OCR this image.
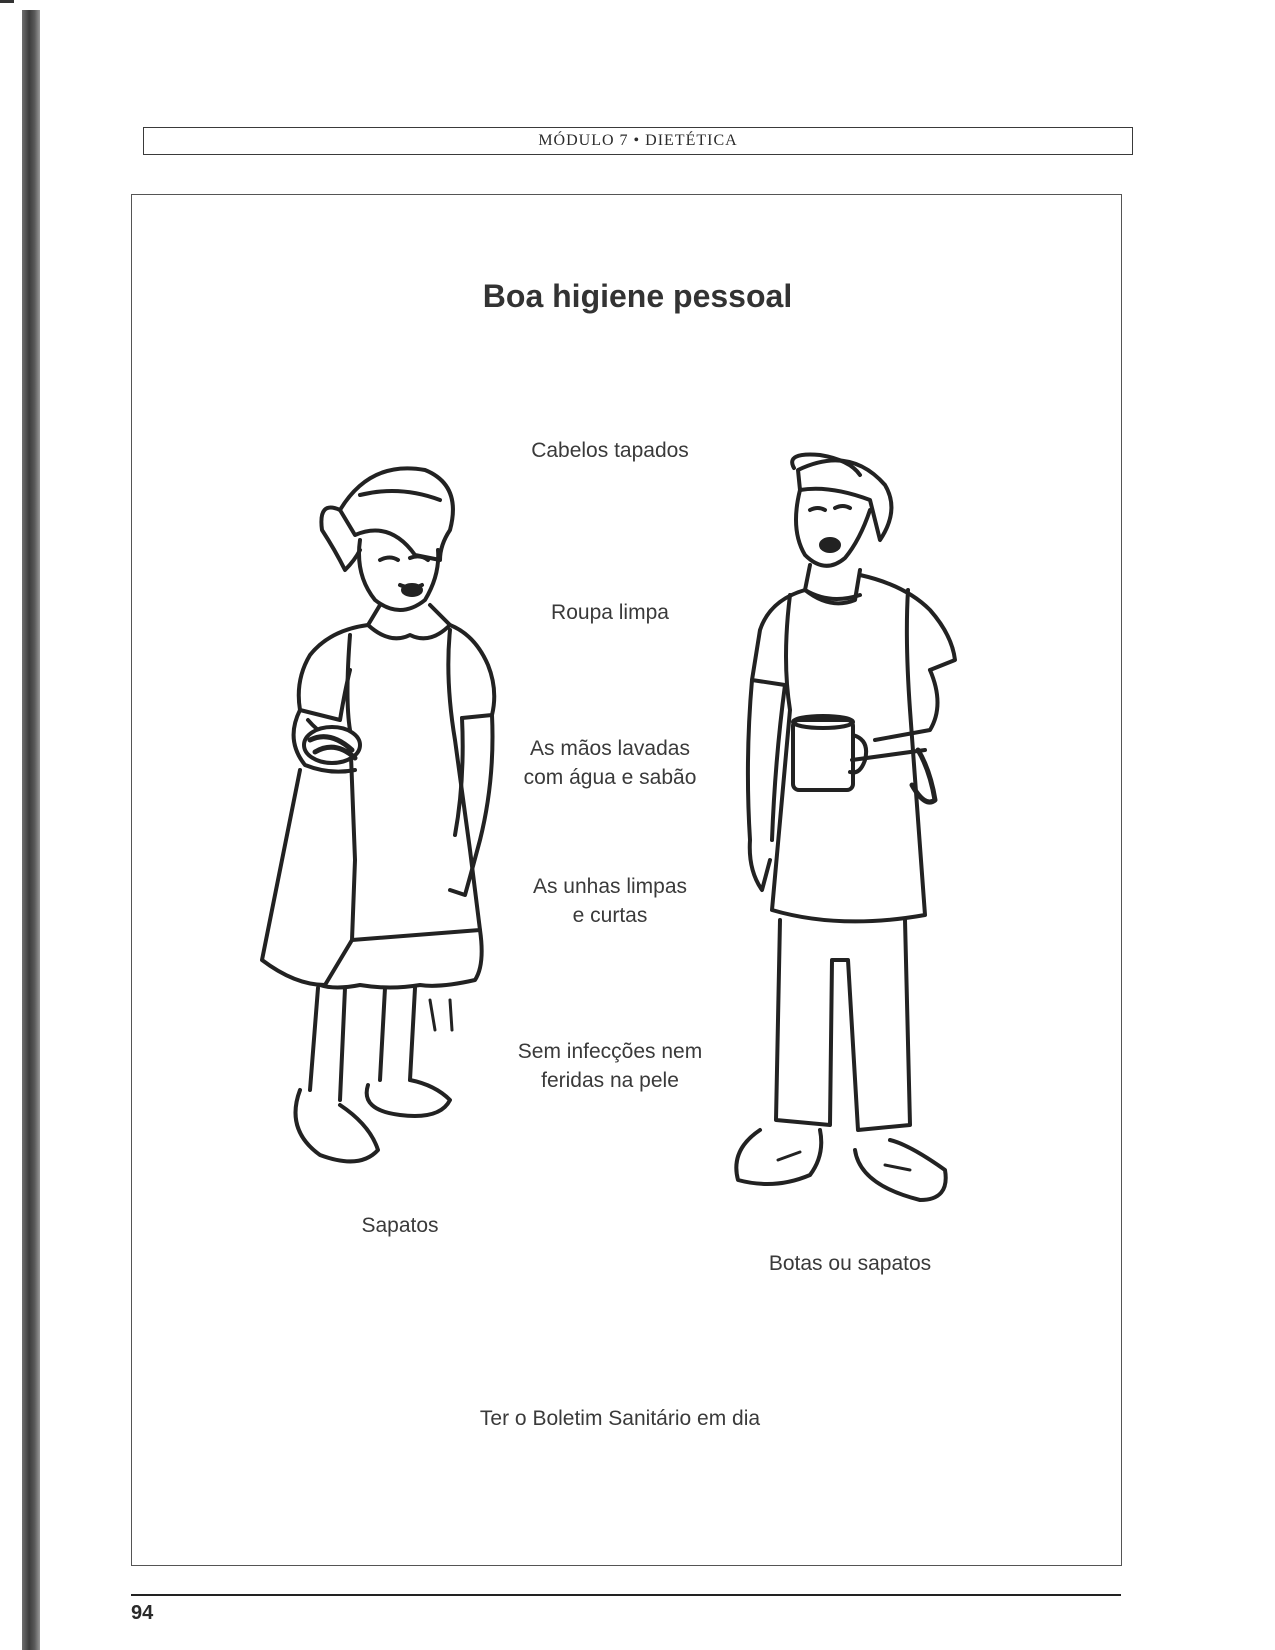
MÓDULO 7 • DIETÉTICA
Boa higiene pessoal
Cabelos tapados
Roupa limpa
As mãos lavadas
com água e sabão
As unhas limpas
e curtas
Sem infecções nem
feridas na pele
Sapatos
Botas ou sapatos
Ter o Boletim Sanitário em dia
94
